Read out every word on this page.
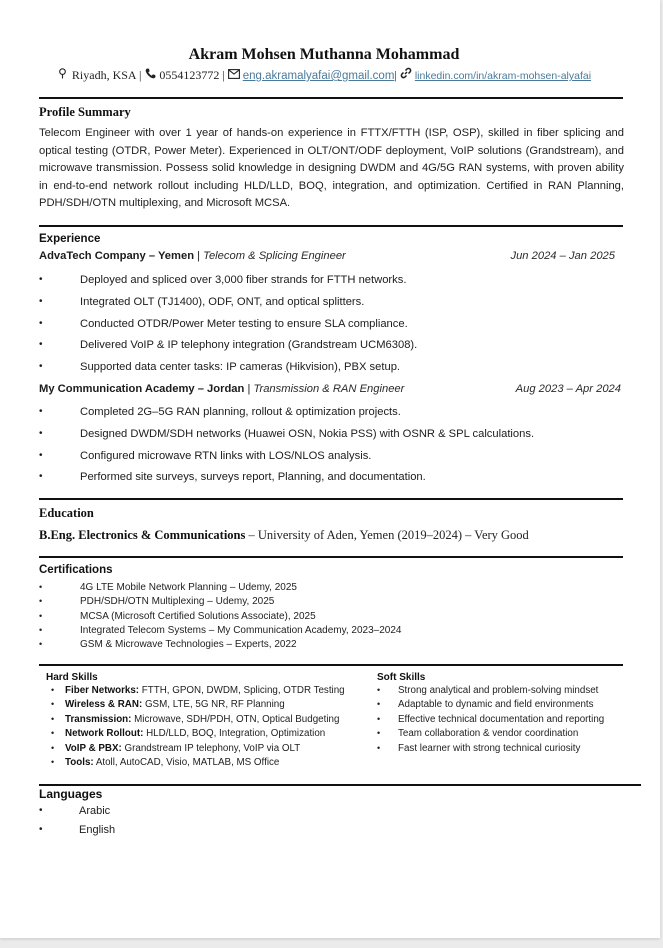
Akram Mohsen Muthanna Mohammad
Riyadh, KSA | 0554123772 | eng.akramalyafai@gmail.com| linkedin.com/in/akram-mohsen-alyafai
Profile Summary
Telecom Engineer with over 1 year of hands-on experience in FTTX/FTTH (ISP, OSP), skilled in fiber splicing and optical testing (OTDR, Power Meter). Experienced in OLT/ONT/ODF deployment, VoIP solutions (Grandstream), and microwave transmission. Possess solid knowledge in designing DWDM and 4G/5G RAN systems, with proven ability in end-to-end network rollout including HLD/LLD, BOQ, integration, and optimization. Certified in RAN Planning, PDH/SDH/OTN multiplexing, and Microsoft MCSA.
Experience
AdvaTech Company – Yemen | Telecom & Splicing Engineer	Jun 2024 – Jan 2025
•	Deployed and spliced over 3,000 fiber strands for FTTH networks.
•	Integrated OLT (TJ1400), ODF, ONT, and optical splitters.
•	Conducted OTDR/Power Meter testing to ensure SLA compliance.
•	Delivered VoIP & IP telephony integration (Grandstream UCM6308).
•	Supported data center tasks: IP cameras (Hikvision), PBX setup.
My Communication Academy – Jordan | Transmission & RAN Engineer	Aug 2023 – Apr 2024
•	Completed 2G–5G RAN planning, rollout & optimization projects.
•	Designed DWDM/SDH networks (Huawei OSN, Nokia PSS) with OSNR & SPL calculations.
•	Configured microwave RTN links with LOS/NLOS analysis.
•	Performed site surveys, surveys report, Planning, and documentation.
Education
B.Eng. Electronics & Communications – University of Aden, Yemen (2019–2024) – Very Good
Certifications
•	4G LTE Mobile Network Planning – Udemy, 2025
•	PDH/SDH/OTN Multiplexing – Udemy, 2025
•	MCSA (Microsoft Certified Solutions Associate), 2025
•	Integrated Telecom Systems – My Communication Academy, 2023–2024
•	GSM & Microwave Technologies – Experts, 2022
Hard Skills
• Fiber Networks: FTTH, GPON, DWDM, Splicing, OTDR Testing
• Wireless & RAN: GSM, LTE, 5G NR, RF Planning
• Transmission: Microwave, SDH/PDH, OTN, Optical Budgeting
• Network Rollout: HLD/LLD, BOQ, Integration, Optimization
• VoIP & PBX: Grandstream IP telephony, VoIP via OLT
• Tools: Atoll, AutoCAD, Visio, MATLAB, MS Office
Soft Skills
• Strong analytical and problem-solving mindset
• Adaptable to dynamic and field environments
• Effective technical documentation and reporting
• Team collaboration & vendor coordination
• Fast learner with strong technical curiosity
Languages
•	Arabic
•	English
